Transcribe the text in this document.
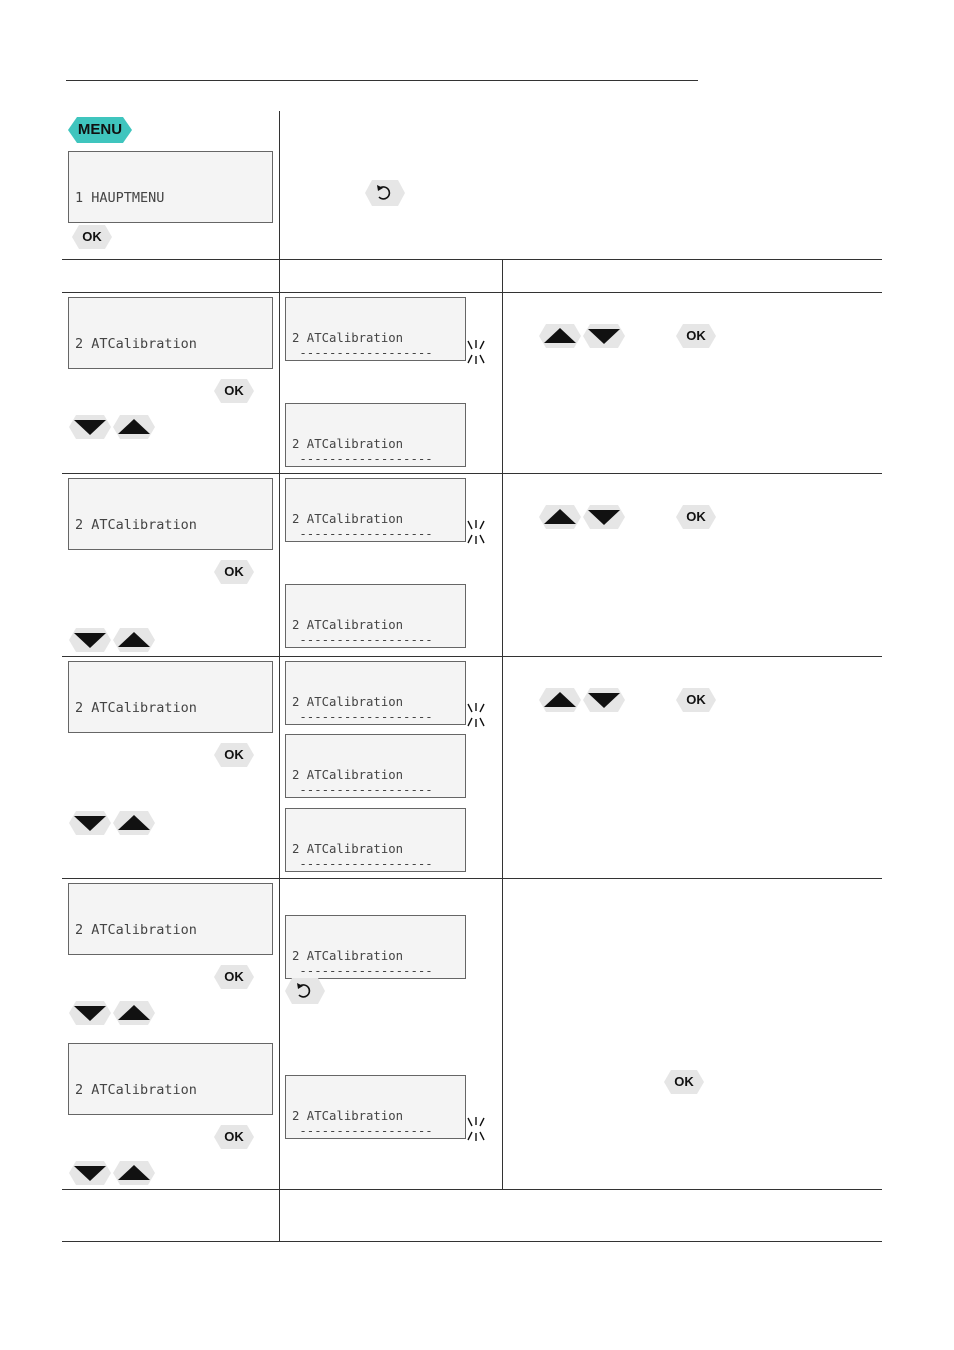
MENU

1 HAUPTMENU

2 ATCalibration

2 ATCalibration

2 ATCalibration

2 ATCalibration

2 ATCalibration

2 ATCalibration
------------------

2 ATCalibration
------------------

2 ATCalibration
------------------

2 ATCalibration
------------------

2 ATCalibration
------------------

2 ATCalibration
------------------

2 ATCalibration
------------------

2 ATCalibration
------------------

2 ATCalibration
------------------

OK
OK
OK
OK
OK
OK
OK
OK
OK
OK
